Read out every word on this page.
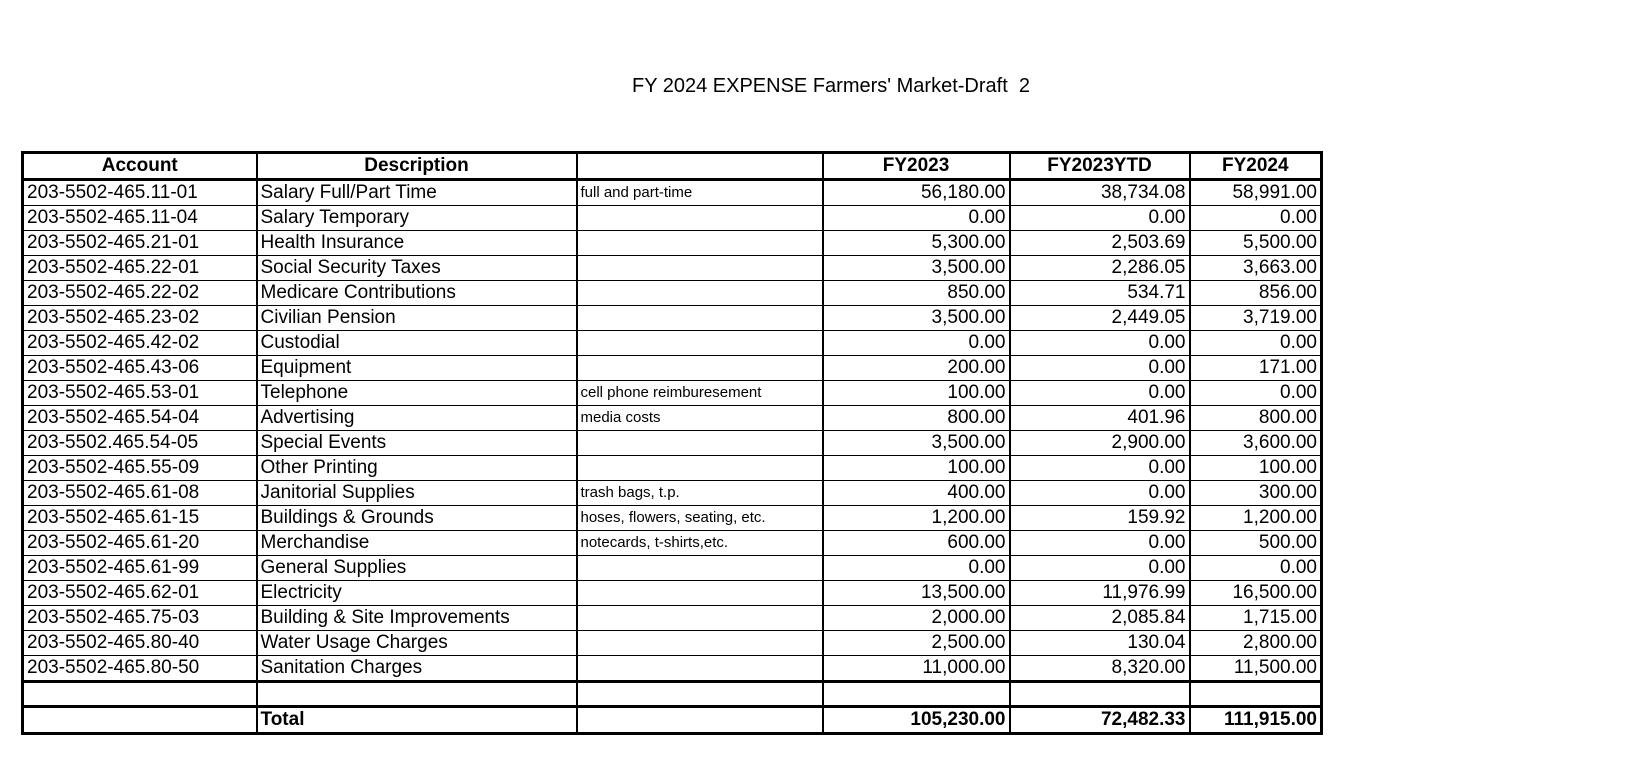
FY 2024 EXPENSE Farmers' Market-Draft  2
Account	Description		FY2023	FY2023YTD	FY2024
203-5502-465.11-01	Salary Full/Part Time	full and part-time	56,180.00	38,734.08	58,991.00
203-5502-465.11-04	Salary Temporary		0.00	0.00	0.00
203-5502-465.21-01	Health Insurance		5,300.00	2,503.69	5,500.00
203-5502-465.22-01	Social Security Taxes		3,500.00	2,286.05	3,663.00
203-5502-465.22-02	Medicare Contributions		850.00	534.71	856.00
203-5502-465.23-02	Civilian Pension		3,500.00	2,449.05	3,719.00
203-5502-465.42-02	Custodial		0.00	0.00	0.00
203-5502-465.43-06	Equipment		200.00	0.00	171.00
203-5502-465.53-01	Telephone	cell phone reimburesement	100.00	0.00	0.00
203-5502-465.54-04	Advertising	media costs	800.00	401.96	800.00
203-5502.465.54-05	Special Events		3,500.00	2,900.00	3,600.00
203-5502-465.55-09	Other Printing		100.00	0.00	100.00
203-5502-465.61-08	Janitorial Supplies	trash bags, t.p.	400.00	0.00	300.00
203-5502-465.61-15	Buildings & Grounds	hoses, flowers, seating, etc.	1,200.00	159.92	1,200.00
203-5502-465.61-20	Merchandise	notecards, t-shirts,etc.	600.00	0.00	500.00
203-5502-465.61-99	General Supplies		0.00	0.00	0.00
203-5502-465.62-01	Electricity		13,500.00	11,976.99	16,500.00
203-5502-465.75-03	Building & Site Improvements		2,000.00	2,085.84	1,715.00
203-5502-465.80-40	Water Usage Charges		2,500.00	130.04	2,800.00
203-5502-465.80-50	Sanitation Charges		11,000.00	8,320.00	11,500.00

	Total		105,230.00	72,482.33	111,915.00
